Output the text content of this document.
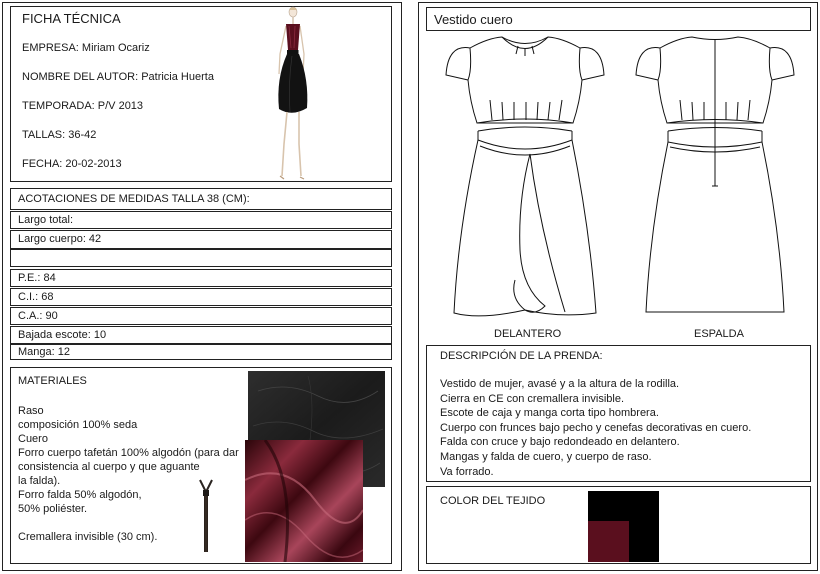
FICHA TÉCNICA
EMPRESA: Miriam Ocariz
NOMBRE DEL AUTOR: Patricia Huerta
TEMPORADA: P/V 2013
TALLAS: 36-42
FECHA: 20-02-2013
ACOTACIONES DE MEDIDAS TALLA 38 (CM):
Largo total:
Largo cuerpo: 42
P.E.: 84
C.I.: 68
C.A.: 90
Bajada escote: 10
Manga: 12
MATERIALES
Raso
composición 100% seda
Cuero
Forro cuerpo tafetán 100% algodón (para dar
consistencia al cuerpo y que aguante
la falda).
Forro falda 50% algodón,
50% poliéster.
Cremallera invisible (30 cm).
Vestido cuero
DELANTERO	ESPALDA
DESCRIPCIÓN DE LA PRENDA:
Vestido de mujer, avasé y a la altura de la rodilla.
Cierra en CE con cremallera invisible.
Escote de caja y manga corta tipo hombrera.
Cuerpo con frunces bajo pecho y cenefas decorativas en cuero.
Falda con cruce y bajo redondeado en delantero.
Mangas y falda de cuero, y cuerpo de raso.
Va forrado.
COLOR DEL TEJIDO
